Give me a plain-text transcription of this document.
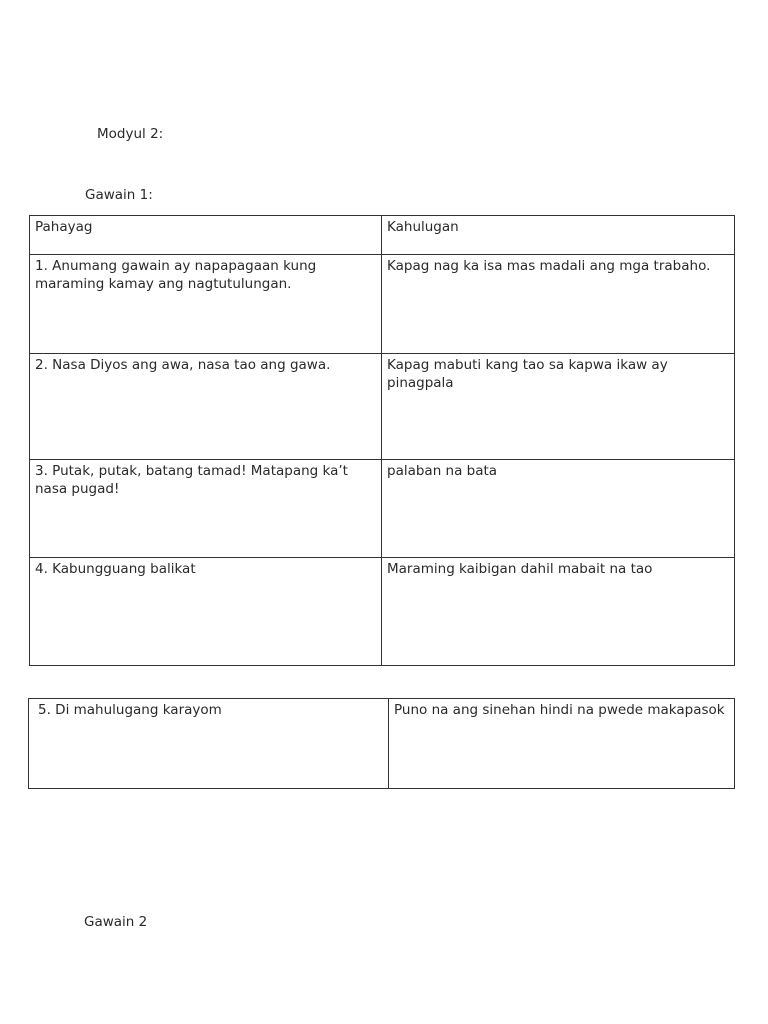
Modyul 2:

Gawain 1:

Pahayag	Kahulugan
1. Anumang gawain ay napapagaan kung maraming kamay ang nagtutulungan.	Kapag nag ka isa mas madali ang mga trabaho.
2. Nasa Diyos ang awa, nasa tao ang gawa.	Kapag mabuti kang tao sa kapwa ikaw ay pinagpala
3. Putak, putak, batang tamad! Matapang ka’t nasa pugad!	palaban na bata
4. Kabungguang balikat	Maraming kaibigan dahil mabait na tao
5. Di mahulugang karayom	Puno na ang sinehan hindi na pwede makapasok

Gawain 2
